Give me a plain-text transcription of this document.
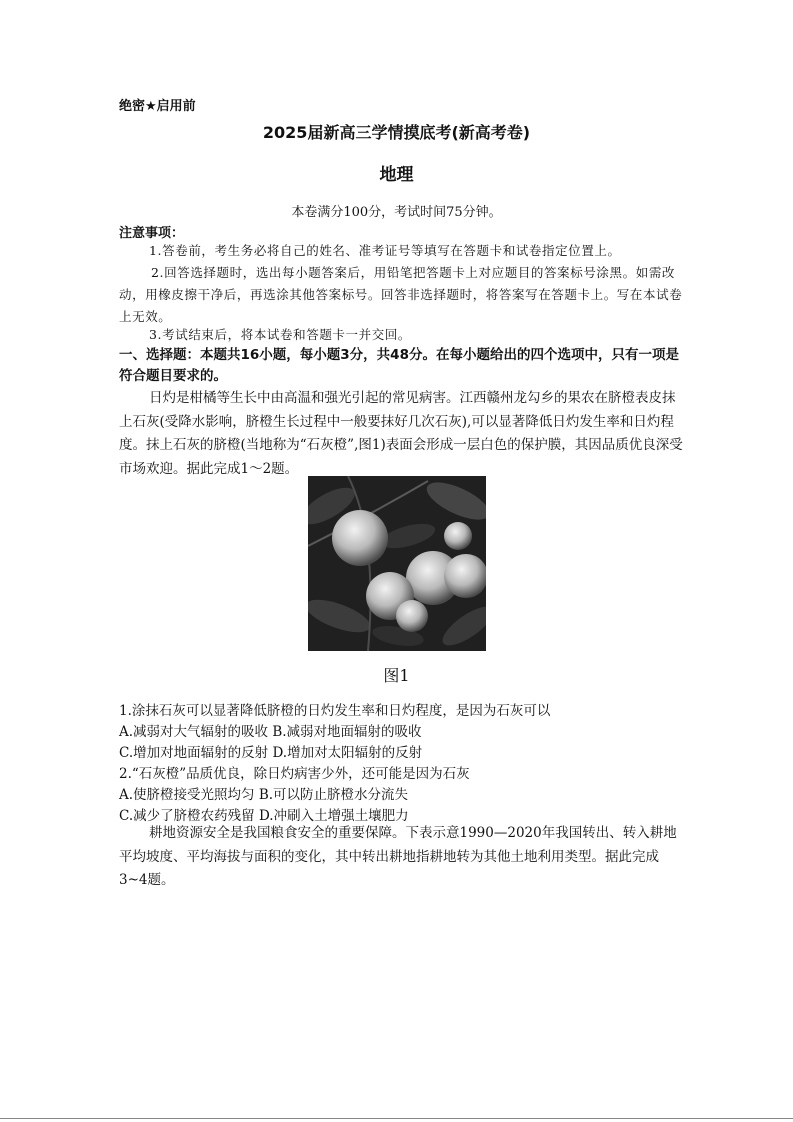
绝密★启用前
2025届新高三学情摸底考(新高考卷)
地理
本卷满分100分，考试时间75分钟。
注意事项：
1.答卷前，考生务必将自己的姓名、准考证号等填写在答题卡和试卷指定位置上。
2.回答选择题时，选出每小题答案后，用铅笔把答题卡上对应题目的答案标号涂黑。如需改动，用橡皮擦干净后，再选涂其他答案标号。回答非选择题时，将答案写在答题卡上。写在本试卷上无效。
3.考试结束后，将本试卷和答题卡一并交回。
一、选择题：本题共16小题，每小题3分，共48分。在每小题给出的四个选项中，只有一项是符合题目要求的。
日灼是柑橘等生长中由高温和强光引起的常见病害。江西赣州龙勾乡的果农在脐橙表皮抹上石灰(受降水影响，脐橙生长过程中一般要抹好几次石灰),可以显著降低日灼发生率和日灼程度。抹上石灰的脐橙(当地称为“石灰橙”,图1)表面会形成一层白色的保护膜，其因品质优良深受市场欢迎。据此完成1～2题。
图1
1.涂抹石灰可以显著降低脐橙的日灼发生率和日灼程度，是因为石灰可以
A.减弱对大气辐射的吸收 B.减弱对地面辐射的吸收
C.增加对地面辐射的反射 D.增加对太阳辐射的反射
2.“石灰橙”品质优良，除日灼病害少外，还可能是因为石灰
A.使脐橙接受光照均匀 B.可以防止脐橙水分流失
C.减少了脐橙农药残留 D.冲刷入土增强土壤肥力
耕地资源安全是我国粮食安全的重要保障。下表示意1990—2020年我国转出、转入耕地平均坡度、平均海拔与面积的变化，其中转出耕地指耕地转为其他土地利用类型。据此完成3~4题。
